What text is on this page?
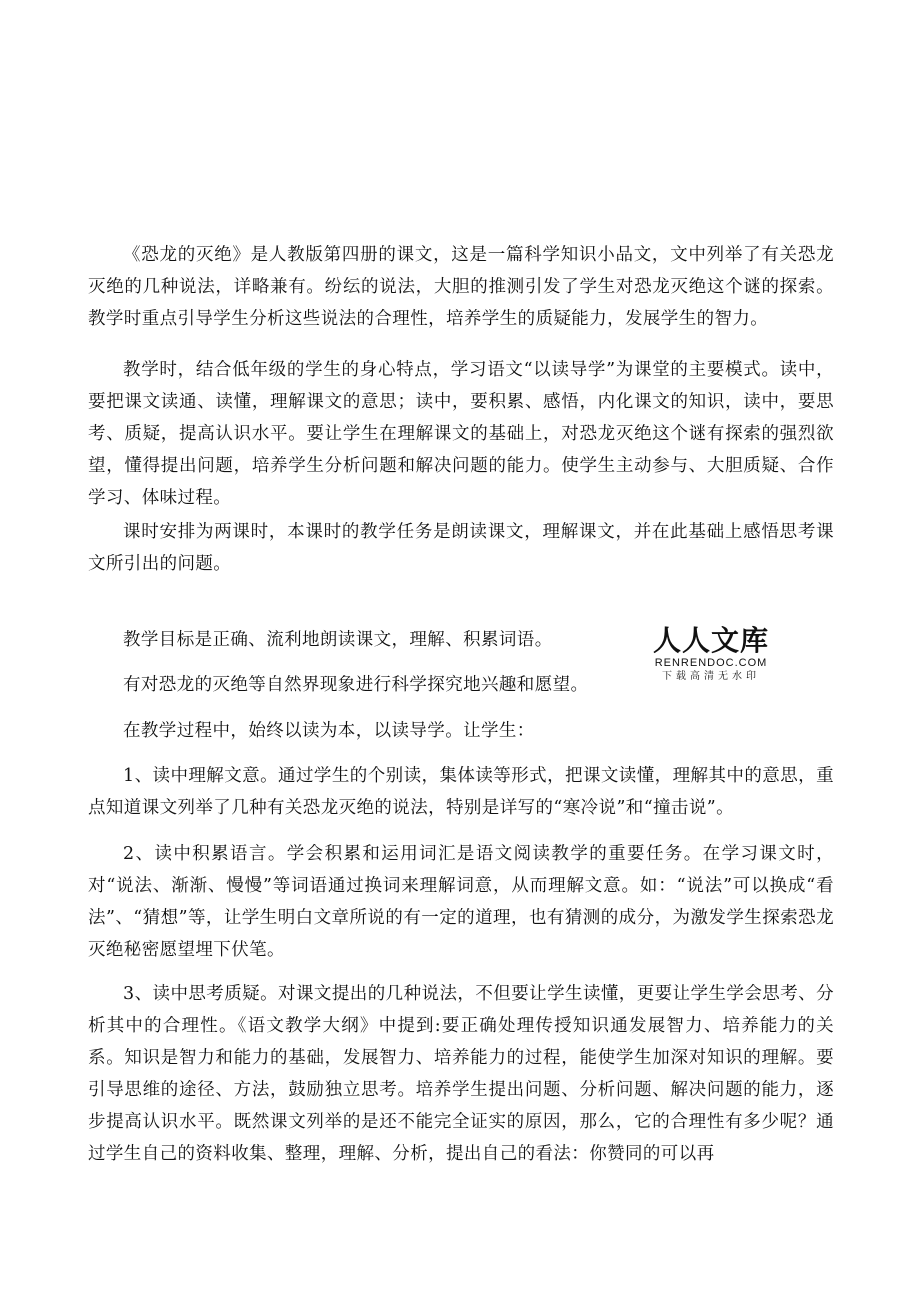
《恐龙的灭绝》是人教版第四册的课文，这是一篇科学知识小品文，文中列举了有关恐龙灭绝的几种说法，详略兼有。纷纭的说法，大胆的推测引发了学生对恐龙灭绝这个谜的探索。教学时重点引导学生分析这些说法的合理性，培养学生的质疑能力，发展学生的智力。

教学时，结合低年级的学生的身心特点，学习语文“以读导学”为课堂的主要模式。读中，要把课文读通、读懂，理解课文的意思；读中，要积累、感悟，内化课文的知识，读中，要思考、质疑，提高认识水平。要让学生在理解课文的基础上，对恐龙灭绝这个谜有探索的强烈欲望，懂得提出问题，培养学生分析问题和解决问题的能力。使学生主动参与、大胆质疑、合作学习、体味过程。

课时安排为两课时，本课时的教学任务是朗读课文，理解课文，并在此基础上感悟思考课文所引出的问题。

教学目标是正确、流利地朗读课文，理解、积累词语。

有对恐龙的灭绝等自然界现象进行科学探究地兴趣和愿望。

在教学过程中，始终以读为本，以读导学。让学生：

1、读中理解文意。通过学生的个别读，集体读等形式，把课文读懂，理解其中的意思，重点知道课文列举了几种有关恐龙灭绝的说法，特别是详写的“寒冷说”和“撞击说”。

2、读中积累语言。学会积累和运用词汇是语文阅读教学的重要任务。在学习课文时，对“说法、渐渐、慢慢”等词语通过换词来理解词意，从而理解文意。如：“说法”可以换成“看法”、“猜想”等，让学生明白文章所说的有一定的道理，也有猜测的成分，为激发学生探索恐龙灭绝秘密愿望埋下伏笔。

3、读中思考质疑。对课文提出的几种说法，不但要让学生读懂，更要让学生学会思考、分析其中的合理性。《语文教学大纲》中提到:要正确处理传授知识通发展智力、培养能力的关系。知识是智力和能力的基础，发展智力、培养能力的过程，能使学生加深对知识的理解。要引导思维的途径、方法，鼓励独立思考。培养学生提出问题、分析问题、解决问题的能力，逐步提高认识水平。既然课文列举的是还不能完全证实的原因，那么，它的合理性有多少呢？通过学生自己的资料收集、整理，理解、分析，提出自己的看法：你赞同的可以再

人人文库
RENRENDOC.COM
下载高清无水印
